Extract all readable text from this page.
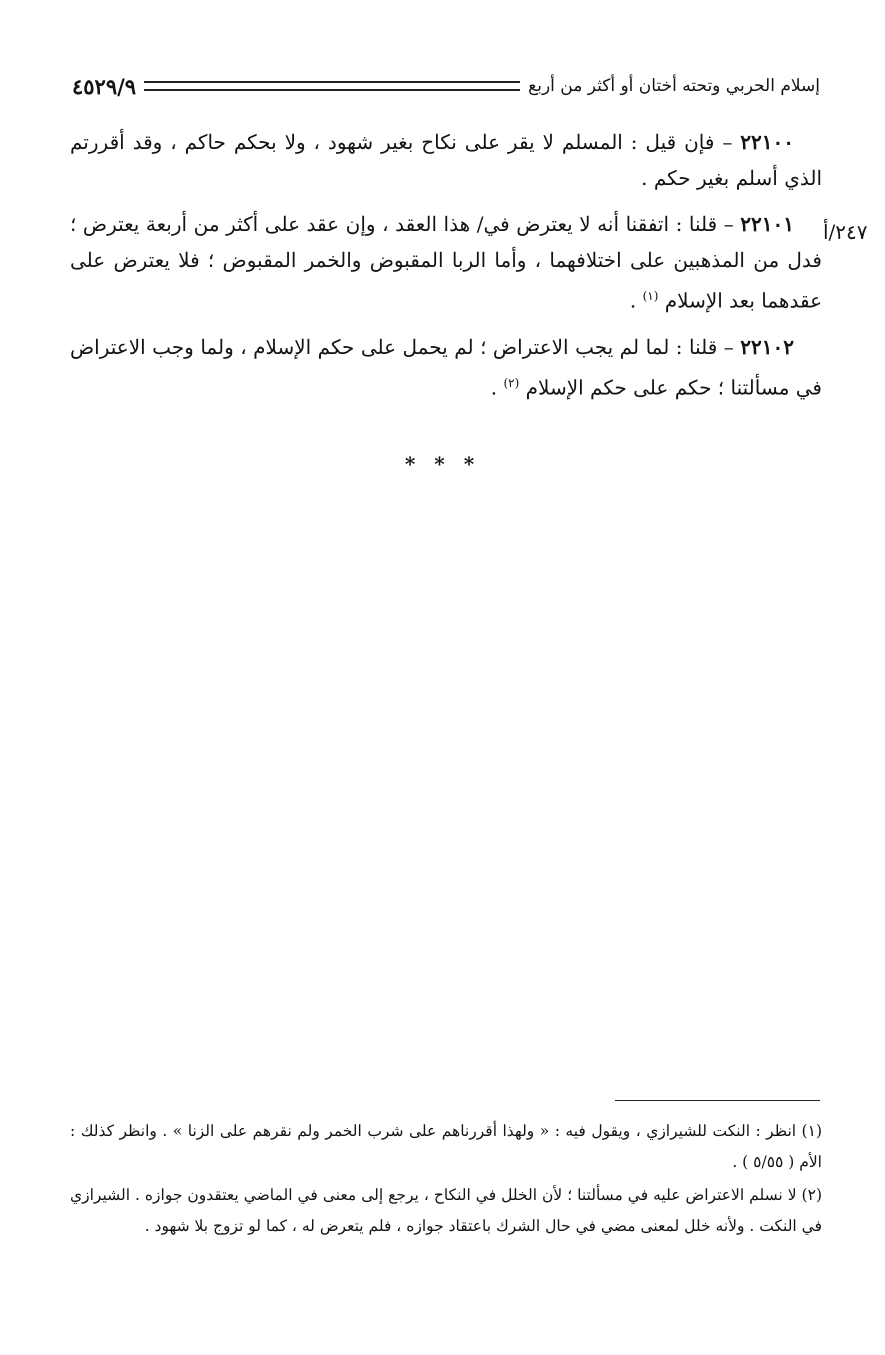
٤٥٢٩/٩	إسلام الحربي وتحته أختان أو أكثر من أربع
٢٤٧/أ

٢٢١٠٠ – فإن قيل : المسلم لا يقر على نكاح بغير شهود ، ولا بحكم حاكم ، وقد أقررتم الذي أسلم بغير حكم .

٢٢١٠١ – قلنا : اتفقنا أنه لا يعترض في/ هذا العقد ، وإن عقد على أكثر من أربعة يعترض ؛ فدل من المذهبين على اختلافهما ، وأما الربا المقبوض والخمر المقبوض ؛ فلا يعترض على عقدهما بعد الإسلام $^{(١)}$ .

٢٢١٠٢ – قلنا : لما لم يجب الاعتراض ؛ لم يحمل على حكم الإسلام ، ولما وجب الاعتراض في مسألتنا ؛ حكم على حكم الإسلام $^{(٢)}$ .

* * *

(١) انظر : النكت للشيرازي ، ويقول فيه : « ولهذا أقررناهم على شرب الخمر ولم نقرهم على الزنا » . وانظر كذلك : الأم ( ٥/٥٥ ) .

(٢) لا نسلم الاعتراض عليه في مسألتنا ؛ لأن الخلل في النكاح ، يرجع إلى معنى في الماضي يعتقدون جوازه . الشيرازي في النكت . ولأنه خلل لمعنى مضي في حال الشرك باعتقاد جوازه ، فلم يتعرض له ، كما لو تزوج بلا شهود .
